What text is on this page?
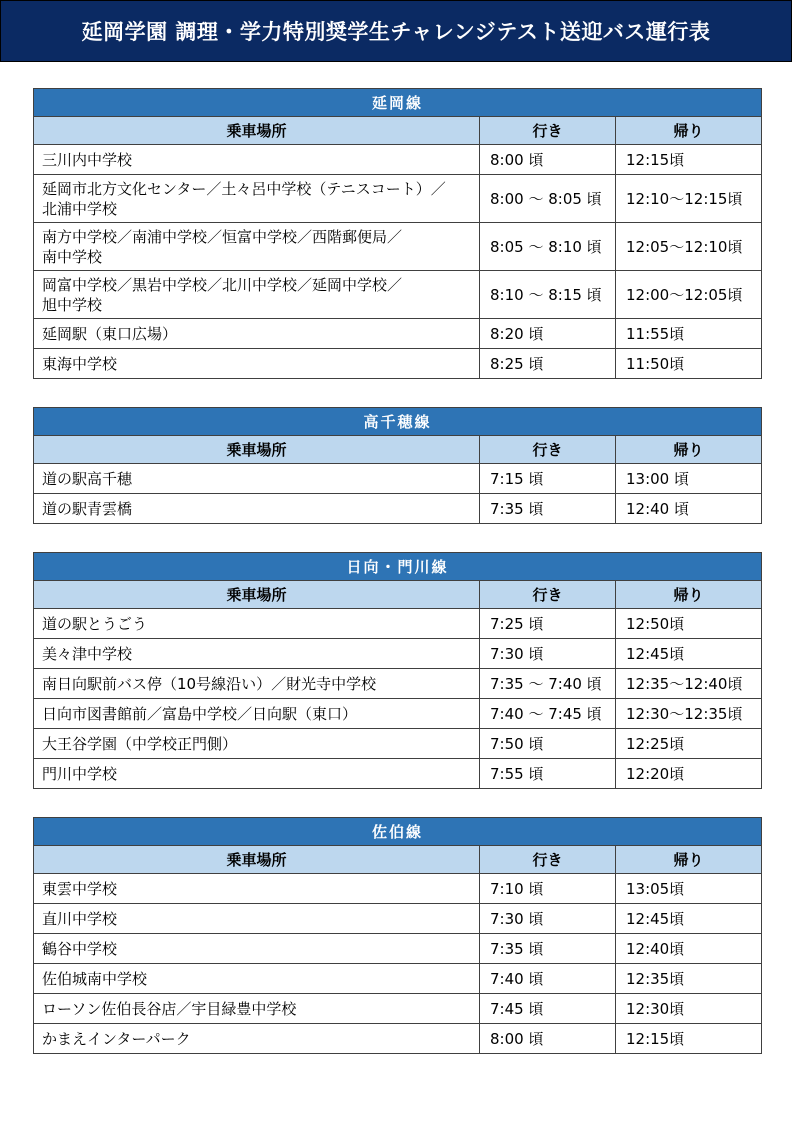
延岡学園 調理・学力特別奨学生チャレンジテスト送迎バス運行表
延岡線		
乗車場所	行き	帰り
三川内中学校	8:00 頃	12:15頃
延岡市北方文化センター／土々呂中学校（テニスコート）／
北浦中学校	8:00 ～ 8:05 頃	12:10～12:15頃
南方中学校／南浦中学校／恒富中学校／西階郵便局／
南中学校	8:05 ～ 8:10 頃	12:05～12:10頃
岡富中学校／黒岩中学校／北川中学校／延岡中学校／
旭中学校	8:10 ～ 8:15 頃	12:00～12:05頃
延岡駅（東口広場）	8:20 頃	11:55頃
東海中学校	8:25 頃	11:50頃
高千穂線		
乗車場所	行き	帰り
道の駅高千穂	7:15 頃	13:00 頃
道の駅青雲橋	7:35 頃	12:40 頃
日向・門川線		
乗車場所	行き	帰り
道の駅とうごう	7:25 頃	12:50頃
美々津中学校	7:30 頃	12:45頃
南日向駅前バス停（10号線沿い）／財光寺中学校	7:35 ～ 7:40 頃	12:35～12:40頃
日向市図書館前／富島中学校／日向駅（東口）	7:40 ～ 7:45 頃	12:30～12:35頃
大王谷学園（中学校正門側）	7:50 頃	12:25頃
門川中学校	7:55 頃	12:20頃
佐伯線		
乗車場所	行き	帰り
東雲中学校	7:10 頃	13:05頃
直川中学校	7:30 頃	12:45頃
鶴谷中学校	7:35 頃	12:40頃
佐伯城南中学校	7:40 頃	12:35頃
ローソン佐伯長谷店／宇目緑豊中学校	7:45 頃	12:30頃
かまえインターパーク	8:00 頃	12:15頃
